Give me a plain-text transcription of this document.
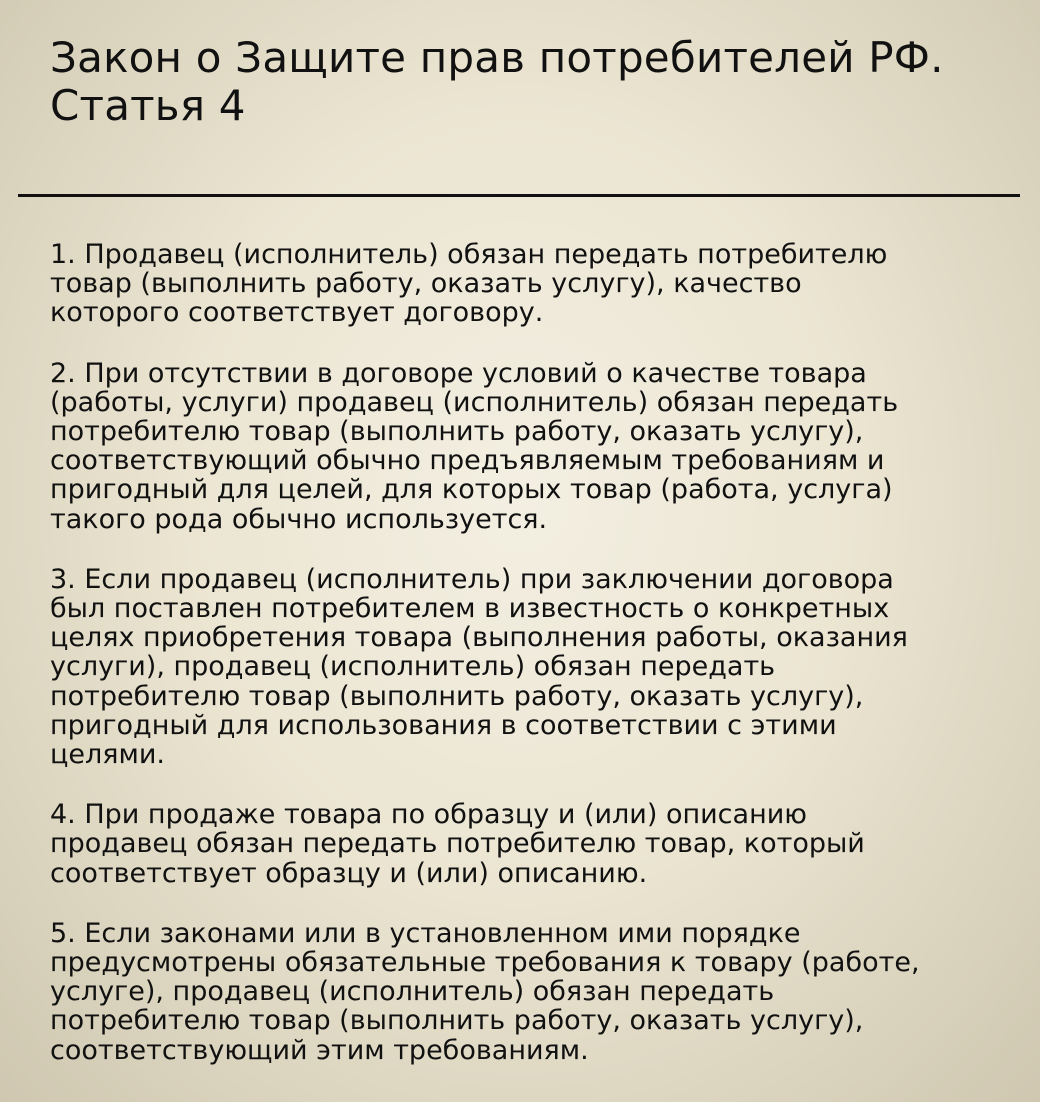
Закон о Защите прав потребителей РФ.
Статья 4

1. Продавец (исполнитель) обязан передать потребителю
товар (выполнить работу, оказать услугу), качество
которого соответствует договору.

2. При отсутствии в договоре условий о качестве товара
(работы, услуги) продавец (исполнитель) обязан передать
потребителю товар (выполнить работу, оказать услугу),
соответствующий обычно предъявляемым требованиям и
пригодный для целей, для которых товар (работа, услуга)
такого рода обычно используется.

3. Если продавец (исполнитель) при заключении договора
был поставлен потребителем в известность о конкретных
целях приобретения товара (выполнения работы, оказания
услуги), продавец (исполнитель) обязан передать
потребителю товар (выполнить работу, оказать услугу),
пригодный для использования в соответствии с этими
целями.

4. При продаже товара по образцу и (или) описанию
продавец обязан передать потребителю товар, который
соответствует образцу и (или) описанию.

5. Если законами или в установленном ими порядке
предусмотрены обязательные требования к товару (работе,
услуге), продавец (исполнитель) обязан передать
потребителю товар (выполнить работу, оказать услугу),
соответствующий этим требованиям.
